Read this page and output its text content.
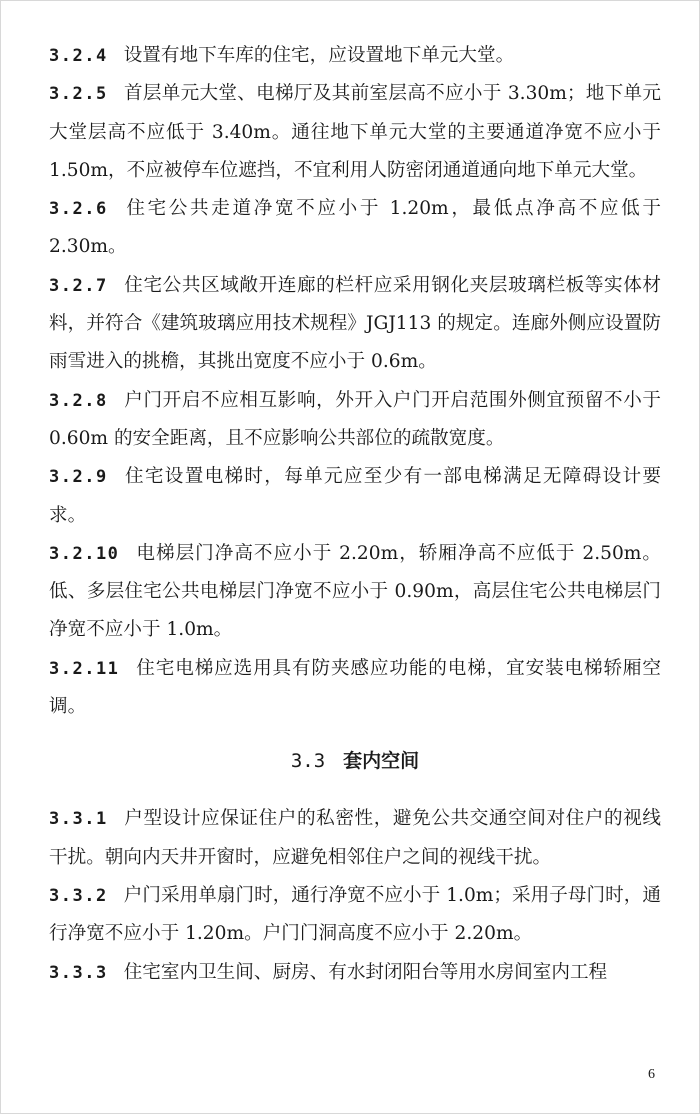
3.2.4 设置有地下车库的住宅，应设置地下单元大堂。

3.2.5 首层单元大堂、电梯厅及其前室层高不应小于 3.30m；地下单元大堂层高不应低于 3.40m。通往地下单元大堂的主要通道净宽不应小于 1.50m，不应被停车位遮挡，不宜利用人防密闭通道通向地下单元大堂。

3.2.6 住宅公共走道净宽不应小于 1.20m，最低点净高不应低于 2.30m。

3.2.7 住宅公共区域敞开连廊的栏杆应采用钢化夹层玻璃栏板等实体材料，并符合《建筑玻璃应用技术规程》JGJ113 的规定。连廊外侧应设置防雨雪进入的挑檐，其挑出宽度不应小于 0.6m。

3.2.8 户门开启不应相互影响，外开入户门开启范围外侧宜预留不小于 0.60m 的安全距离，且不应影响公共部位的疏散宽度。

3.2.9 住宅设置电梯时，每单元应至少有一部电梯满足无障碍设计要求。

3.2.10 电梯层门净高不应小于 2.20m，轿厢净高不应低于 2.50m。低、多层住宅公共电梯层门净宽不应小于 0.90m，高层住宅公共电梯层门净宽不应小于 1.0m。

3.2.11 住宅电梯应选用具有防夹感应功能的电梯，宜安装电梯轿厢空调。

3.3 套内空间

3.3.1 户型设计应保证住户的私密性，避免公共交通空间对住户的视线干扰。朝向内天井开窗时，应避免相邻住户之间的视线干扰。

3.3.2 户门采用单扇门时，通行净宽不应小于 1.0m；采用子母门时，通行净宽不应小于 1.20m。户门门洞高度不应小于 2.20m。

3.3.3 住宅室内卫生间、厨房、有水封闭阳台等用水房间室内工程

6
